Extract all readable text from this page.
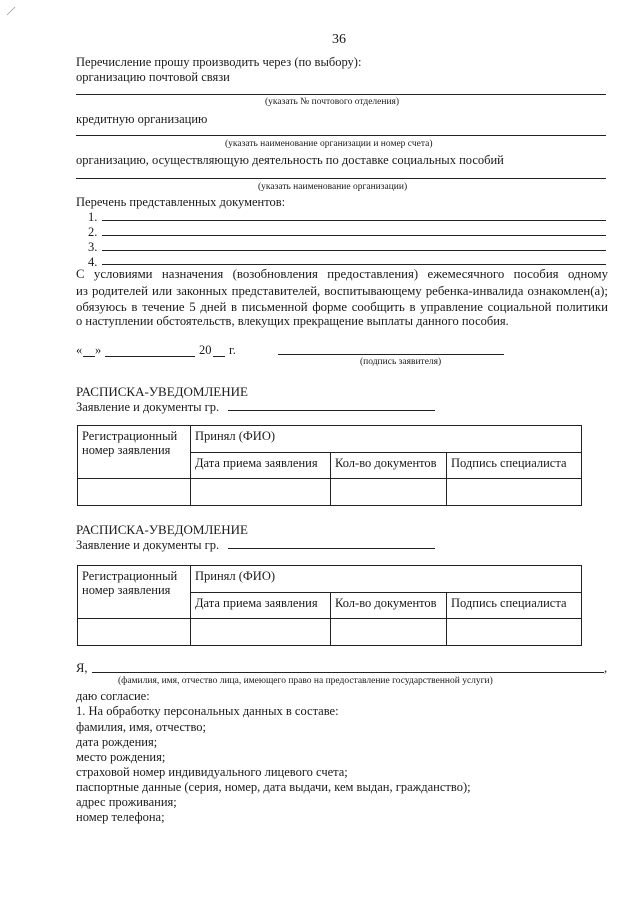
36
Перечисление прошу производить через (по выбору):
организацию почтовой связи
(указать № почтового отделения)
кредитную организацию
(указать наименование организации и номер счета)
организацию, осуществляющую деятельность по доставке социальных пособий
(указать наименование организации)
Перечень представленных документов:
1.
2.
3.
4.
С условиями назначения (возобновления предоставления) ежемесячного пособия одному
из родителей или законных представителей, воспитывающему ребенка-инвалида ознакомлен(а);
обязуюсь в течение 5 дней в письменной форме сообщить в управление социальной политики
о наступлении обстоятельств, влекущих прекращение выплаты данного пособия.
« »	20 г.
(подпись заявителя)
РАСПИСКА-УВЕДОМЛЕНИЕ
Заявление и документы гр.
Регистрационный номер заявления	Принял (ФИО)		
	Дата приема заявления	Кол-во документов	Подпись специалиста

РАСПИСКА-УВЕДОМЛЕНИЕ
Заявление и документы гр.
Регистрационный номер заявления	Принял (ФИО)		
	Дата приема заявления	Кол-во документов	Подпись специалиста

Я,	,
(фамилия, имя, отчество лица, имеющего право на предоставление государственной услуги)
даю согласие:
1. На обработку персональных данных в составе:
фамилия, имя, отчество;
дата рождения;
место рождения;
страховой номер индивидуального лицевого счета;
паспортные данные (серия, номер, дата выдачи, кем выдан, гражданство);
адрес проживания;
номер телефона;
